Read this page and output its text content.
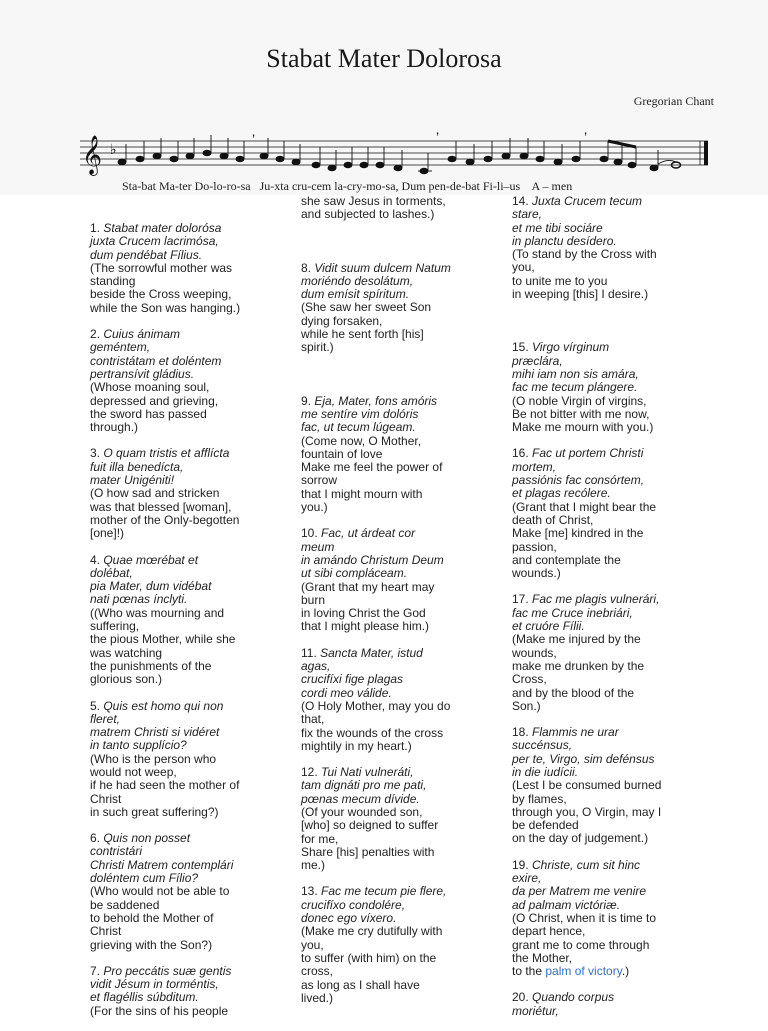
Stabat Mater Dolorosa
Gregorian Chant
𝄞 ♭
’	’	’
Sta-bat Ma-ter Do-lo-ro-sa   Ju-xta cru-cem la-cry-mo-sa, Dum pen-de-bat Fi-li–us    A – men

1. Stabat mater dolorósa
juxta Crucem lacrimósa,
dum pendébat Fílius.
(The sorrowful mother was
standing
beside the Cross weeping,
while the Son was hanging.)

2. Cuius ánimam
geméntem,
contristátam et doléntem
pertransívit gládius.
(Whose moaning soul,
depressed and grieving,
the sword has passed
through.)

3. O quam tristis et afflícta
fuit illa benedícta,
mater Unigéniti!
(O how sad and stricken
was that blessed [woman],
mother of the Only-begotten
[one]!)

4. Quae mœrébat et
dolébat,
pia Mater, dum vidébat
nati pœnas ínclyti.
((Who was mourning and
suffering,
the pious Mother, while she
was watching
the punishments of the
glorious son.)

5. Quis est homo qui non
fleret,
matrem Christi si vidéret
in tanto supplício?
(Who is the person who
would not weep,
if he had seen the mother of
Christ
in such great suffering?)

6. Quis non posset
contristári
Christi Matrem contemplári
doléntem cum Fílio?
(Who would not be able to
be saddened
to behold the Mother of
Christ
grieving with the Son?)

7. Pro peccátis suæ gentis
vidit Jésum in torméntis,
et flagéllis súbditum.
(For the sins of his people

she saw Jesus in torments,
and subjected to lashes.)

8. Vidit suum dulcem Natum
moriéndo desolátum,
dum emísit spíritum.
(She saw her sweet Son
dying forsaken,
while he sent forth [his]
spirit.)

9. Eja, Mater, fons amóris
me sentíre vim dolóris
fac, ut tecum lúgeam.
(Come now, O Mother,
fountain of love
Make me feel the power of
sorrow
that I might mourn with
you.)

10. Fac, ut árdeat cor
meum
in amándo Christum Deum
ut sibi compláceam.
(Grant that my heart may
burn
in loving Christ the God
that I might please him.)

11. Sancta Mater, istud
agas,
crucifíxi fige plagas
cordi meo válide.
(O Holy Mother, may you do
that,
fix the wounds of the cross
mightily in my heart.)

12. Tui Nati vulneráti,
tam dignáti pro me pati,
pœnas mecum dívide.
(Of your wounded son,
[who] so deigned to suffer
for me,
Share [his] penalties with
me.)

13. Fac me tecum pie flere,
crucifíxo condolére,
donec ego víxero.
(Make me cry dutifully with
you,
to suffer (with him) on the
cross,
as long as I shall have
lived.)

14. Juxta Crucem tecum
stare,
et me tibi sociáre
in planctu desídero.
(To stand by the Cross with
you,
to unite me to you
in weeping [this] I desire.)

15. Virgo vírginum
præclára,
mihi iam non sis amára,
fac me tecum plángere.
(O noble Virgin of virgins,
Be not bitter with me now,
Make me mourn with you.)

16. Fac ut portem Christi
mortem,
passiónis fac consórtem,
et plagas recólere.
(Grant that I might bear the
death of Christ,
Make [me] kindred in the
passion,
and contemplate the
wounds.)

17. Fac me plagis vulnerári,
fac me Cruce inebriári,
et cruóre Fílii.
(Make me injured by the
wounds,
make me drunken by the
Cross,
and by the blood of the
Son.)

18. Flammis ne urar
succénsus,
per te, Virgo, sim defénsus
in die iudícii.
(Lest I be consumed burned
by flames,
through you, O Virgin, may I
be defended
on the day of judgement.)

19. Christe, cum sit hinc
exire,
da per Matrem me venire
ad palmam victóriæ.
(O Christ, when it is time to
depart hence,
grant me to come through
the Mother,
to the palm of victory.)

20. Quando corpus
moriétur,
